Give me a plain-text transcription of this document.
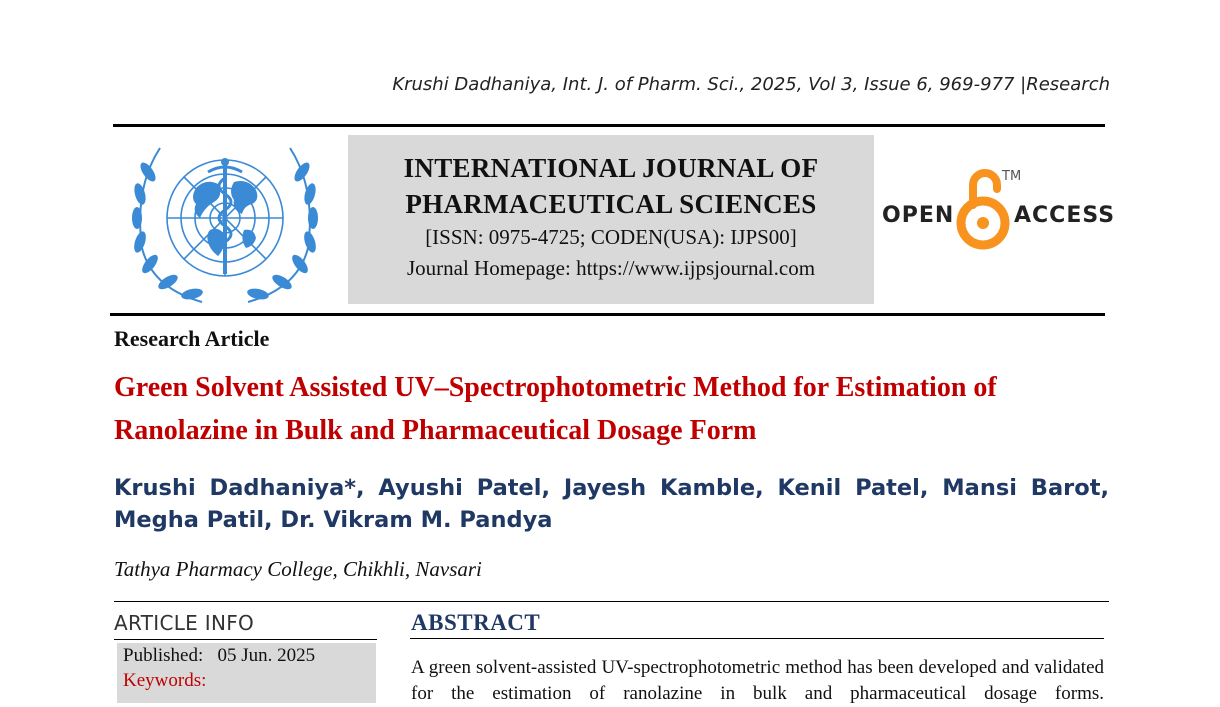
Krushi Dadhaniya, Int. J. of Pharm. Sci., 2025, Vol 3, Issue 6, 969-977 |Research
INTERNATIONAL JOURNAL OF
PHARMACEUTICAL SCIENCES
[ISSN: 0975-4725; CODEN(USA): IJPS00]
Journal Homepage: https://www.ijpsjournal.com
OPEN
TM
ACCESS
Research Article
Green Solvent Assisted UV–Spectrophotometric Method for Estimation of Ranolazine in Bulk and Pharmaceutical Dosage Form
Krushi Dadhaniya*, Ayushi Patel, Jayesh Kamble, Kenil Patel, Mansi Barot, Megha Patil, Dr. Vikram M. Pandya
Tathya Pharmacy College, Chikhli, Navsari
ARTICLE INFO
Published:   05 Jun. 2025
Keywords:
ABSTRACT
A green solvent-assisted UV-spectrophotometric method has been developed and validated for the estimation of ranolazine in bulk and pharmaceutical dosage forms.
